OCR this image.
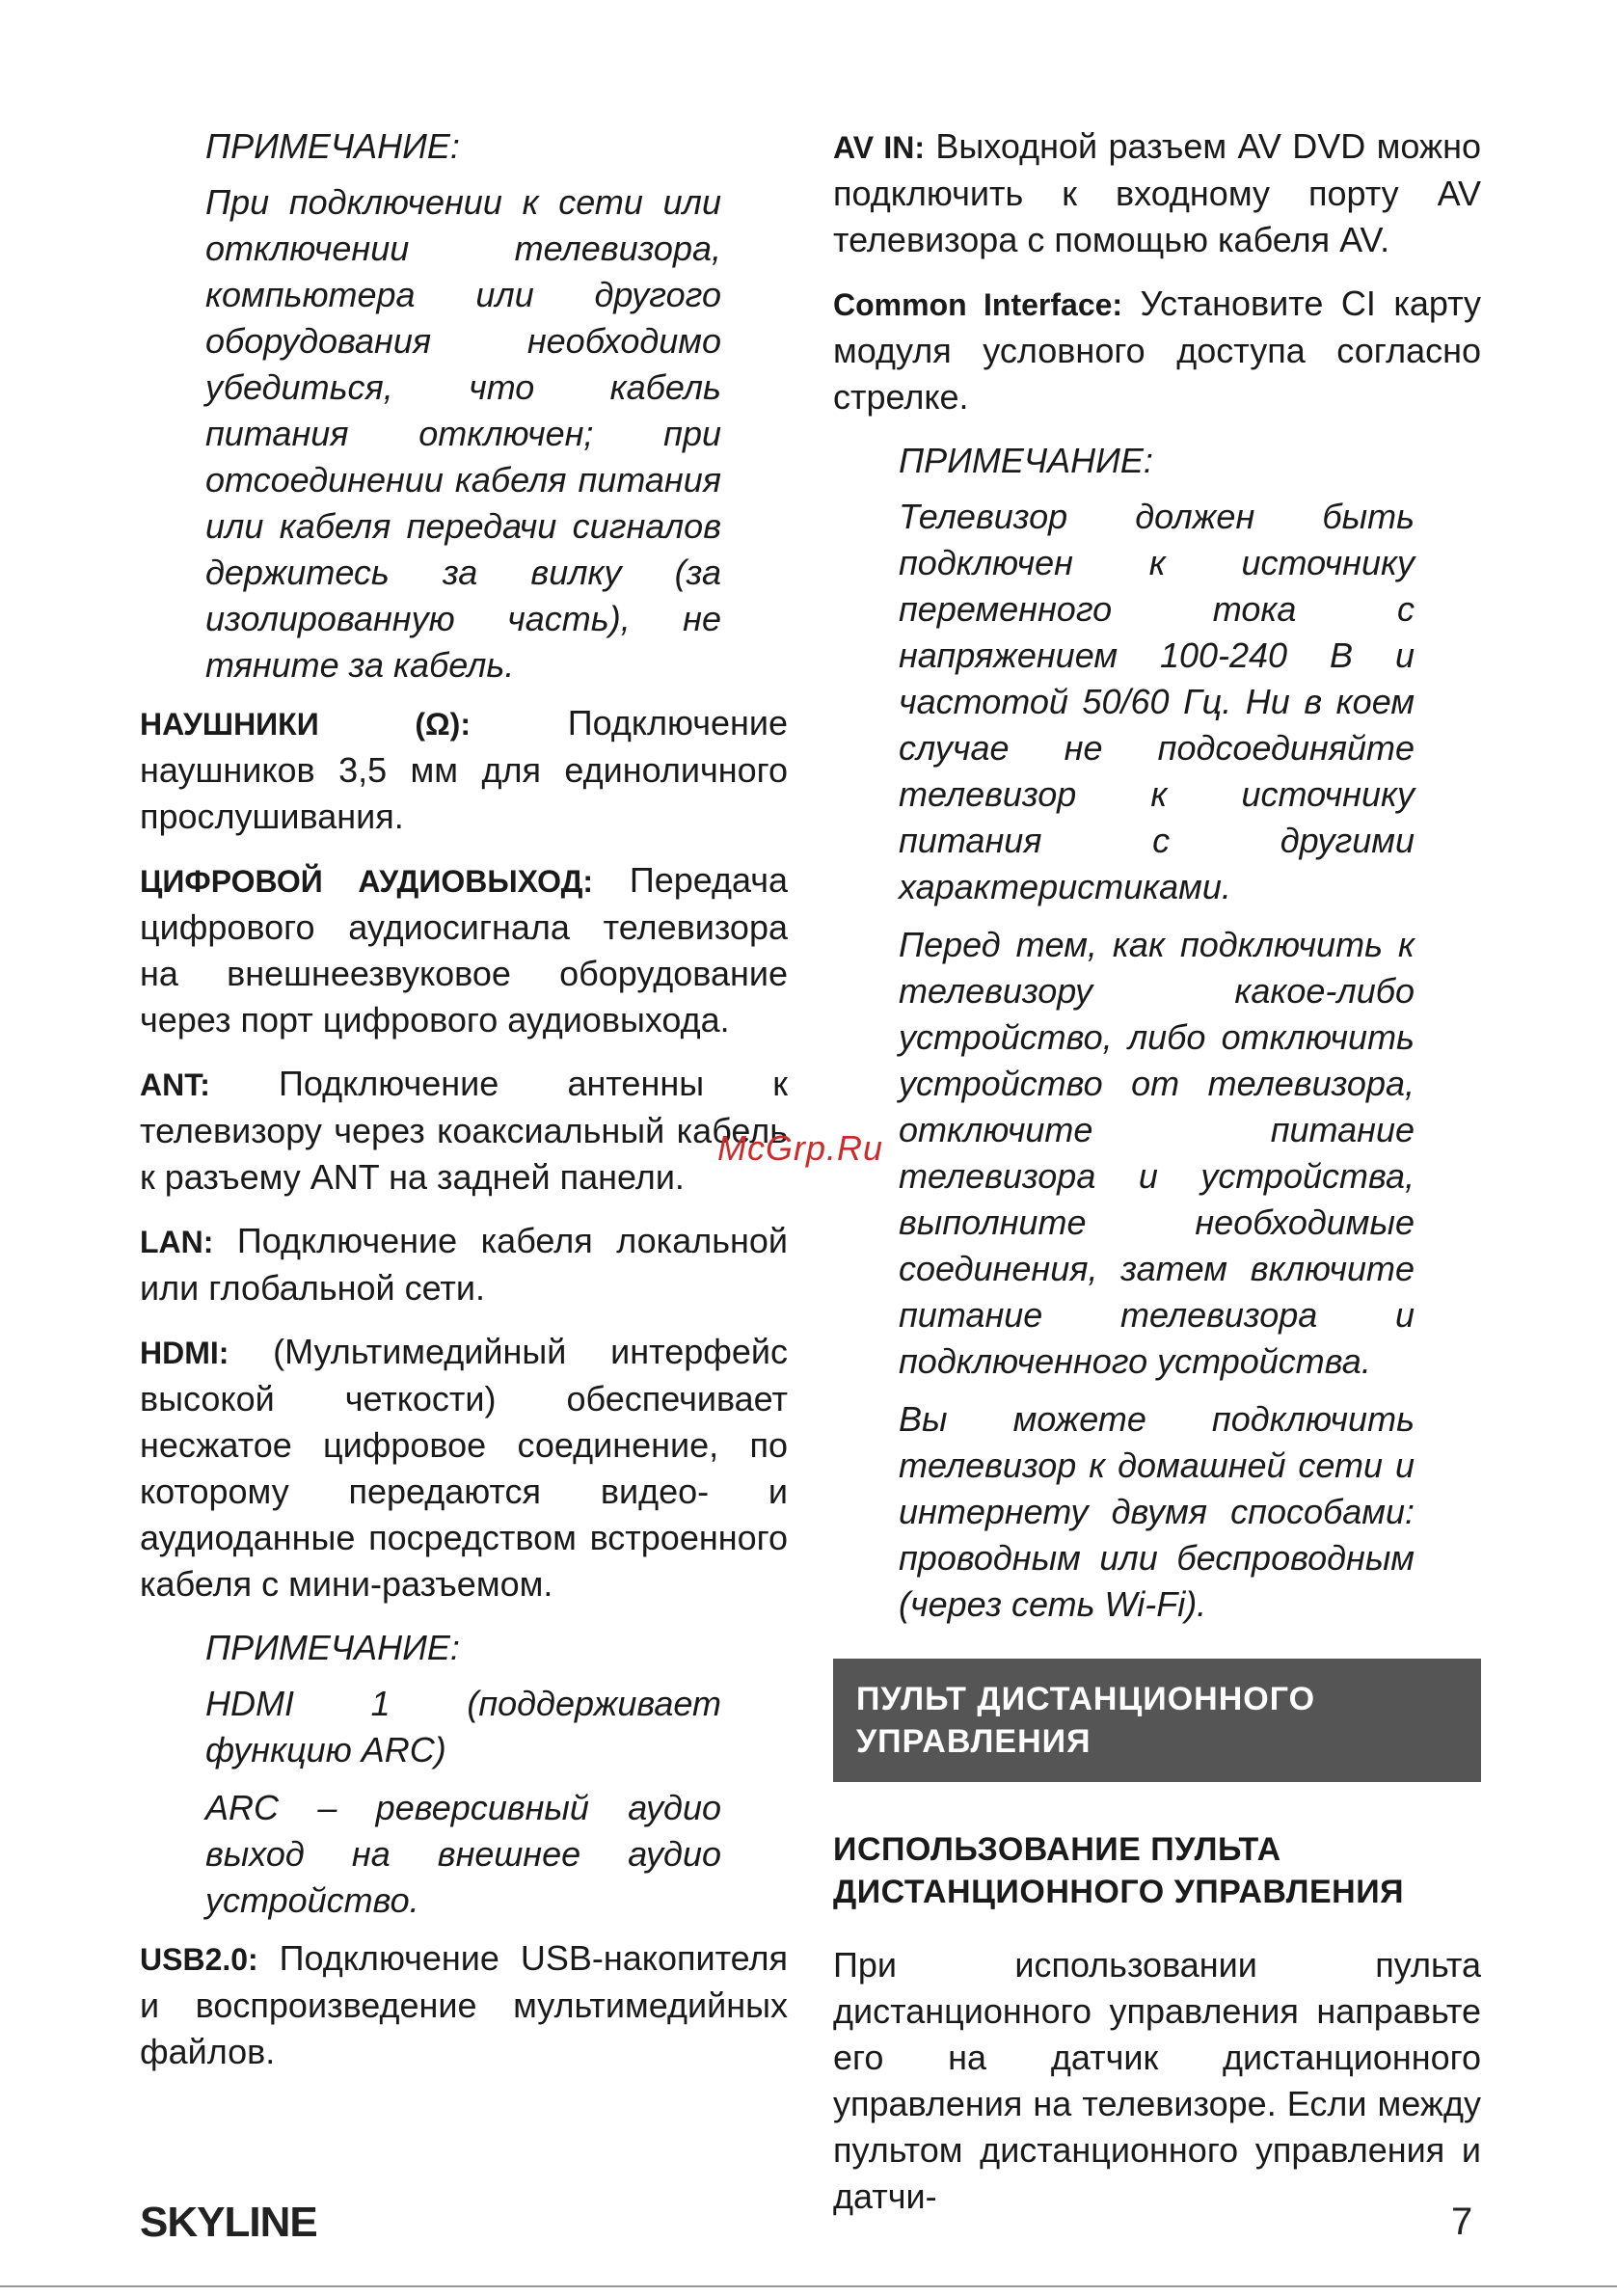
ПРИМЕЧАНИЕ:

При подключении к сети или отключении телевизора, компьютера или другого оборудования необходимо убедиться, что кабель питания отключен; при отсоединении кабеля питания или кабеля передачи сигналов держитесь за вилку (за изолированную часть), не тяните за кабель.

НАУШНИКИ (Ω): Подключение наушников 3,5 мм для единоличного прослушивания.

ЦИФРОВОЙ АУДИОВЫХОД: Передача цифрового аудиосигнала телевизора на внешнеезвуковое оборудование через порт цифрового аудиовыхода.

ANT: Подключение антенны к телевизору через коаксиальный кабель к разъему ANT на задней панели.

LAN: Подключение кабеля локальной или глобальной сети.

HDMI: (Мультимедийный интерфейс высокой четкости) обеспечивает несжатое цифровое соединение, по которому передаются видео- и аудиоданные посредством встроенного кабеля с мини-разъемом.

ПРИМЕЧАНИЕ:

HDMI 1 (поддерживает функцию ARC)

ARC – реверсивный аудио выход на внешнее аудио устройство.

USB2.0: Подключение USB-накопителя и воспроизведение мультимедийных файлов.

AV IN: Выходной разъем AV DVD можно подключить к входному порту AV телевизора с помощью кабеля AV.

Common Interface: Установите CI карту модуля условного доступа согласно стрелке.

ПРИМЕЧАНИЕ:

Телевизор должен быть подключен к источнику переменного тока с напряжением 100-240 В и частотой 50/60 Гц. Ни в коем случае не подсоединяйте телевизор к источнику питания с другими характеристиками.

Перед тем, как подключить к телевизору какое-либо устройство, либо отключить устройство от телевизора, отключите питание телевизора и устройства, выполните необходимые соединения, затем включите питание телевизора и подключенного устройства.

Вы можете подключить телевизор к домашней сети и интернету двумя способами: проводным или беспроводным (через сеть Wi-Fi).

ПУЛЬТ ДИСТАНЦИОННОГО УПРАВЛЕНИЯ
ИСПОЛЬЗОВАНИЕ ПУЛЬТА ДИСТАНЦИОННОГО УПРАВЛЕНИЯ

При использовании пульта дистанционного управления направьте его на датчик дистанционного управления на телевизоре. Если между пультом дистанционного управления и датчи-

McGrp.Ru
SKYLINE	7
